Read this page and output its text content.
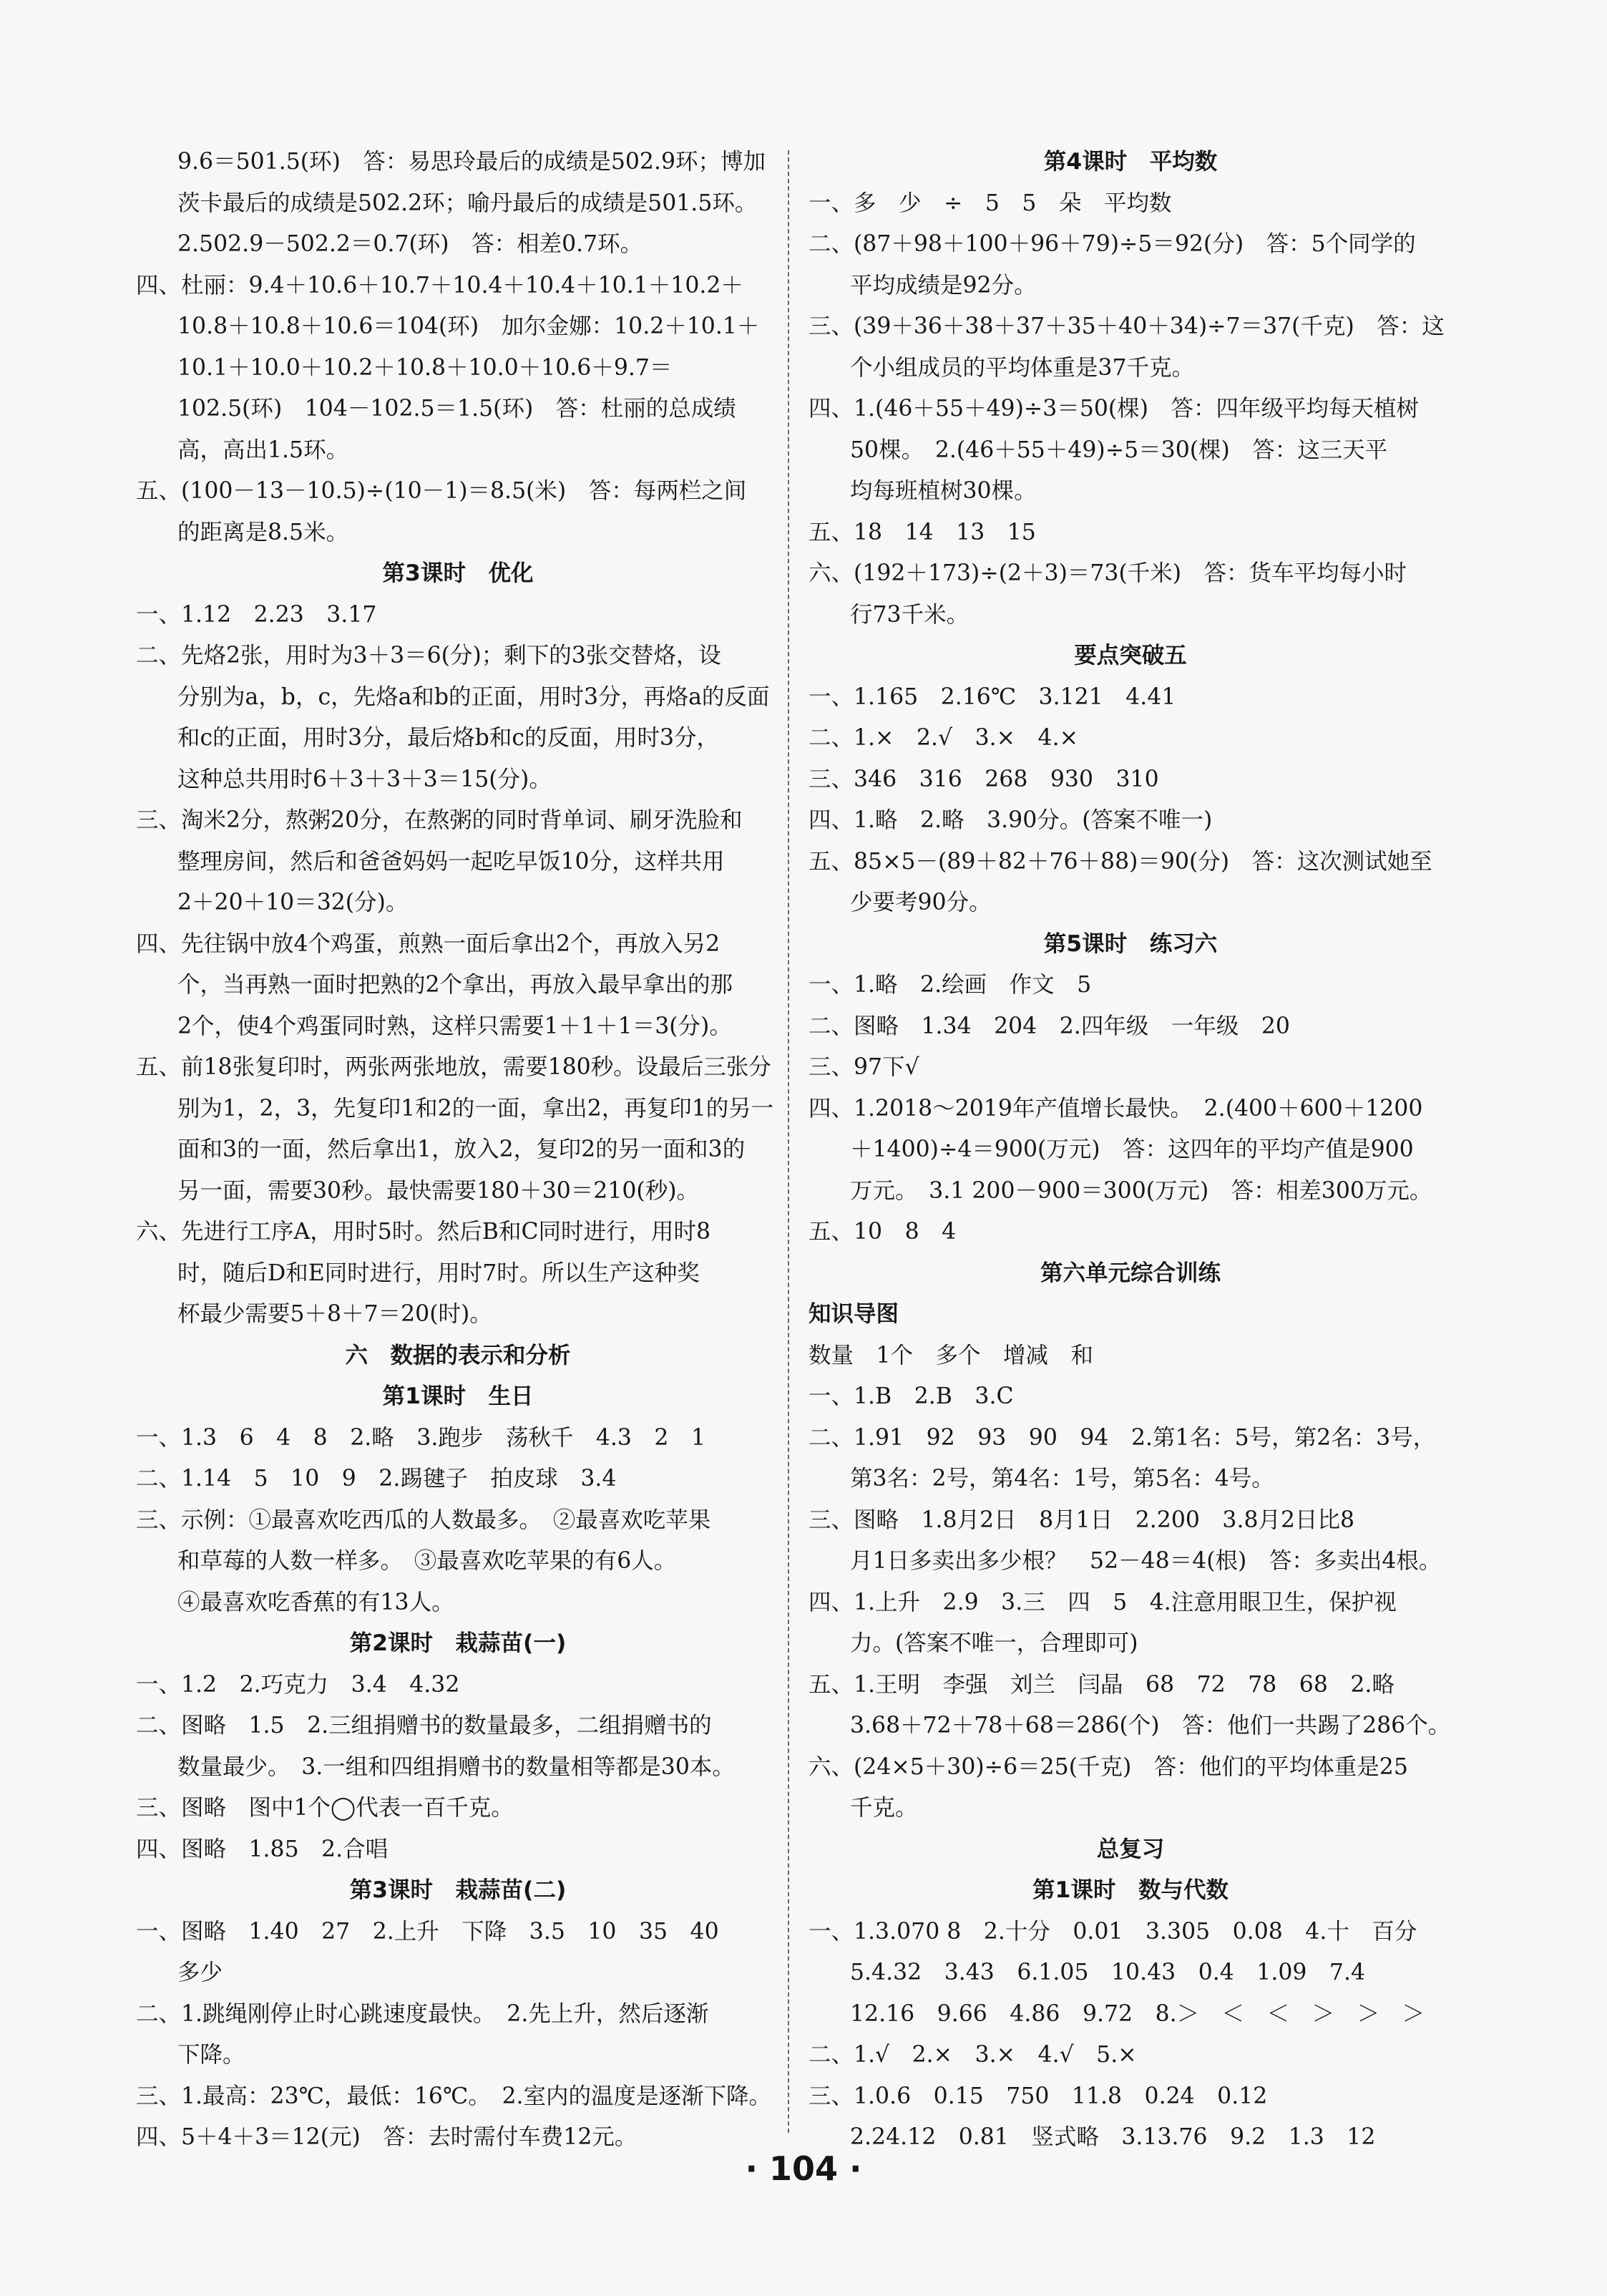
9.6＝501.5(环)　答：易思玲最后的成绩是502.9环；博加
茨卡最后的成绩是502.2环；喻丹最后的成绩是501.5环。
2.502.9－502.2＝0.7(环)　答：相差0.7环。
四、杜丽：9.4＋10.6＋10.7＋10.4＋10.4＋10.1＋10.2＋
10.8＋10.8＋10.6＝104(环)　加尔金娜：10.2＋10.1＋
10.1＋10.0＋10.2＋10.8＋10.0＋10.6＋9.7＝
102.5(环)　104－102.5＝1.5(环)　答：杜丽的总成绩
高，高出1.5环。
五、(100－13－10.5)÷(10－1)＝8.5(米)　答：每两栏之间
的距离是8.5米。
第3课时　优化
一、1.12　2.23　3.17
二、先烙2张，用时为3＋3＝6(分)；剩下的3张交替烙，设
分别为a，b，c，先烙a和b的正面，用时3分，再烙a的反面
和c的正面，用时3分，最后烙b和c的反面，用时3分，
这种总共用时6＋3＋3＋3＝15(分)。
三、淘米2分，熬粥20分，在熬粥的同时背单词、刷牙洗脸和
整理房间，然后和爸爸妈妈一起吃早饭10分，这样共用
2＋20＋10＝32(分)。
四、先往锅中放4个鸡蛋，煎熟一面后拿出2个，再放入另2
个，当再熟一面时把熟的2个拿出，再放入最早拿出的那
2个，使4个鸡蛋同时熟，这样只需要1＋1＋1＝3(分)。
五、前18张复印时，两张两张地放，需要180秒。设最后三张分
别为1，2，3，先复印1和2的一面，拿出2，再复印1的另一
面和3的一面，然后拿出1，放入2，复印2的另一面和3的
另一面，需要30秒。最快需要180＋30＝210(秒)。
六、先进行工序A，用时5时。然后B和C同时进行，用时8
时，随后D和E同时进行，用时7时。所以生产这种奖
杯最少需要5＋8＋7＝20(时)。
六　数据的表示和分析
第1课时　生日
一、1.3　6　4　8　2.略　3.跑步　荡秋千　4.3　2　1
二、1.14　5　10　9　2.踢毽子　拍皮球　3.4
三、示例：①最喜欢吃西瓜的人数最多。　②最喜欢吃苹果
和草莓的人数一样多。　③最喜欢吃苹果的有6人。
④最喜欢吃香蕉的有13人。
第2课时　栽蒜苗(一)
一、1.2　2.巧克力　3.4　4.32
二、图略　1.5　2.三组捐赠书的数量最多，二组捐赠书的
数量最少。　3.一组和四组捐赠书的数量相等都是30本。
三、图略　图中1个◯代表一百千克。
四、图略　1.85　2.合唱
第3课时　栽蒜苗(二)
一、图略　1.40　27　2.上升　下降　3.5　10　35　40
多少
二、1.跳绳刚停止时心跳速度最快。　2.先上升，然后逐渐
下降。
三、1.最高：23℃，最低：16℃。　2.室内的温度是逐渐下降。
四、5＋4＋3＝12(元)　答：去时需付车费12元。
第4课时　平均数
一、多　少　÷　5　5　朵　平均数
二、(87＋98＋100＋96＋79)÷5＝92(分)　答：5个同学的
平均成绩是92分。
三、(39＋36＋38＋37＋35＋40＋34)÷7＝37(千克)　答：这
个小组成员的平均体重是37千克。
四、1.(46＋55＋49)÷3＝50(棵)　答：四年级平均每天植树
50棵。　2.(46＋55＋49)÷5＝30(棵)　答：这三天平
均每班植树30棵。
五、18　14　13　15
六、(192＋173)÷(2＋3)＝73(千米)　答：货车平均每小时
行73千米。
要点突破五
一、1.165　2.16℃　3.121　4.41
二、1.×　2.√　3.×　4.×
三、346　316　268　930　310
四、1.略　2.略　3.90分。(答案不唯一)
五、85×5－(89＋82＋76＋88)＝90(分)　答：这次测试她至
少要考90分。
第5课时　练习六
一、1.略　2.绘画　作文　5
二、图略　1.34　204　2.四年级　一年级　20
三、97下√
四、1.2018～2019年产值增长最快。　2.(400＋600＋1200
＋1400)÷4＝900(万元)　答：这四年的平均产值是900
万元。　3.1 200－900＝300(万元)　答：相差300万元。
五、10　8　4
第六单元综合训练
知识导图
数量　1个　多个　增减　和
一、1.B　2.B　3.C
二、1.91　92　93　90　94　2.第1名：5号，第2名：3号，
第3名：2号，第4名：1号，第5名：4号。
三、图略　1.8月2日　8月1日　2.200　3.8月2日比8
月1日多卖出多少根？　52－48＝4(根)　答：多卖出4根。
四、1.上升　2.9　3.三　四　5　4.注意用眼卫生，保护视
力。(答案不唯一，合理即可)
五、1.王明　李强　刘兰　闫晶　68　72　78　68　2.略
3.68＋72＋78＋68＝286(个)　答：他们一共踢了286个。
六、(24×5＋30)÷6＝25(千克)　答：他们的平均体重是25
千克。
总复习
第1课时　数与代数
一、1.3.070 8　2.十分　0.01　3.305　0.08　4.十　百分
5.4.32　3.43　6.1.05　10.43　0.4　1.09　7.4
12.16　9.66　4.86　9.72　8.＞　＜　＜　＞　＞　＞
二、1.√　2.×　3.×　4.√　5.×
三、1.0.6　0.15　750　11.8　0.24　0.12
2.24.12　0.81　竖式略　3.13.76　9.2　1.3　12
· 104 ·
